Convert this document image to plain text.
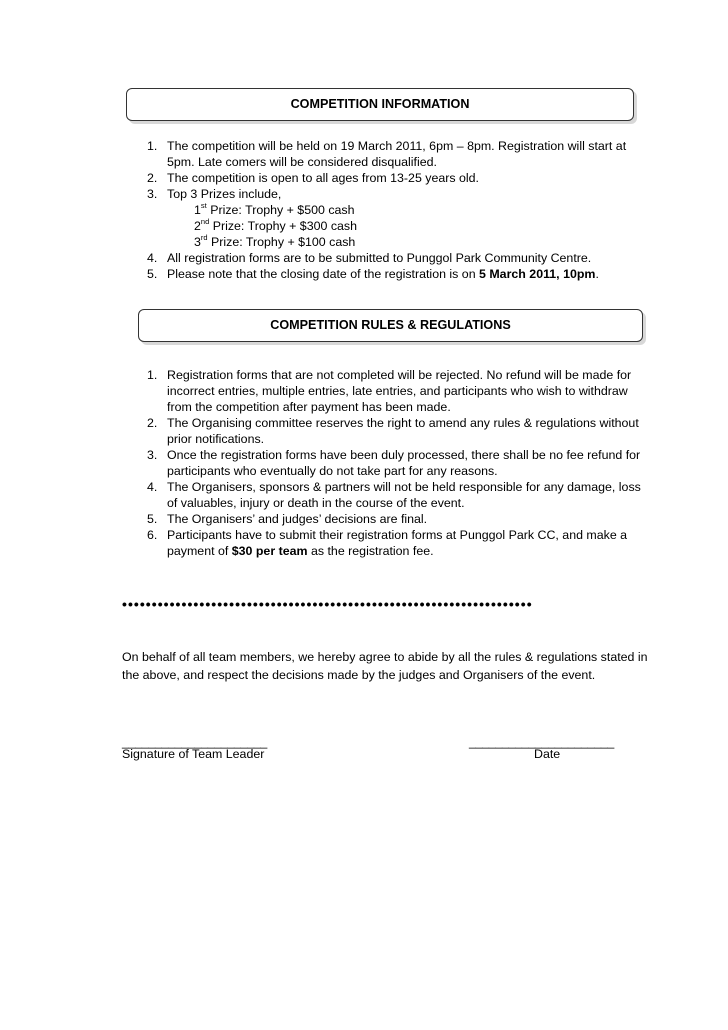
COMPETITION INFORMATION
1. The competition will be held on 19 March 2011, 6pm – 8pm. Registration will start at 5pm. Late comers will be considered disqualified.
2. The competition is open to all ages from 13-25 years old.
3. Top 3 Prizes include,
1st Prize: Trophy + $500 cash
2nd Prize: Trophy + $300 cash
3rd Prize: Trophy + $100 cash
4. All registration forms are to be submitted to Punggol Park Community Centre.
5. Please note that the closing date of the registration is on 5 March 2011, 10pm.
COMPETITION RULES & REGULATIONS
1. Registration forms that are not completed will be rejected. No refund will be made for incorrect entries, multiple entries, late entries, and participants who wish to withdraw from the competition after payment has been made.
2. The Organising committee reserves the right to amend any rules & regulations without prior notifications.
3. Once the registration forms have been duly processed, there shall be no fee refund for participants who eventually do not take part for any reasons.
4. The Organisers, sponsors & partners will not be held responsible for any damage, loss of valuables, injury or death in the course of the event.
5. The Organisers’ and judges’ decisions are final.
6. Participants have to submit their registration forms at Punggol Park CC, and make a payment of $30 per team as the registration fee.
•••••••••••••••••••••••••••••••••••••••••••••••••••••••••••••••••••••
On behalf of all team members, we hereby agree to abide by all the rules & regulations stated in the above, and respect the decisions made by the judges and Organisers of the event.
______________________	______________________
Signature of Team Leader	Date
